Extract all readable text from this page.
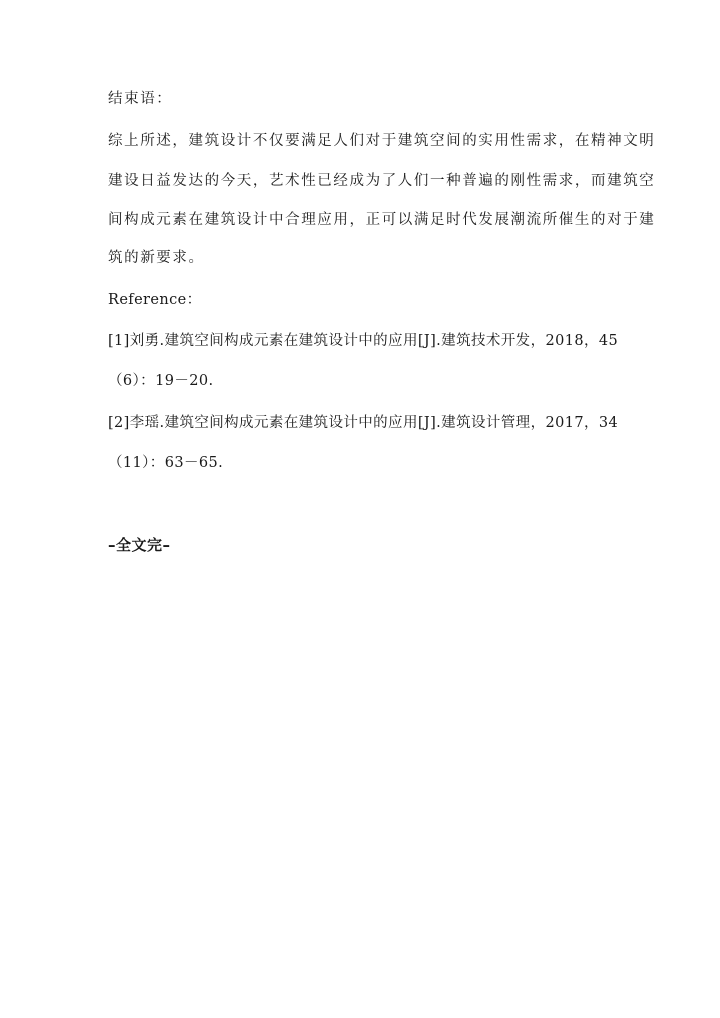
结束语：
综上所述，建筑设计不仅要满足人们对于建筑空间的实用性需求，在精神文明
建设日益发达的今天，艺术性已经成为了人们一种普遍的刚性需求，而建筑空
间构成元素在建筑设计中合理应用，正可以满足时代发展潮流所催生的对于建
筑的新要求。
Reference：
[1]刘勇.建筑空间构成元素在建筑设计中的应用[J].建筑技术开发，2018，45
（6）：19－20.
[2]李瑶.建筑空间构成元素在建筑设计中的应用[J].建筑设计管理，2017，34
（11）：63－65.
–全文完–
